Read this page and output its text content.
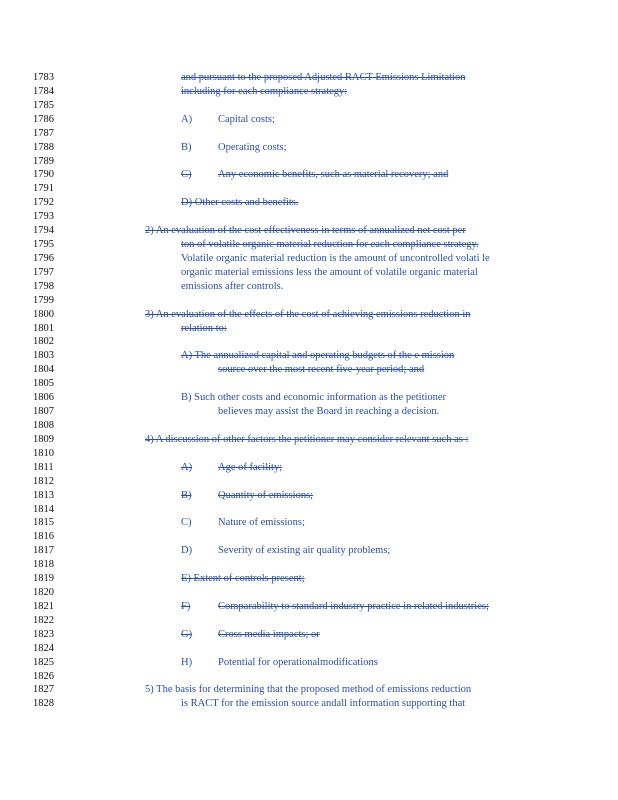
1783	and pursuant to the proposed Adjusted RACT Emissions Limitation
1784	including for each compliance strategy:
1785
1786	A) Capital costs;
1787
1788	B)	Operating costs;
1789
1790	C)	Any economic benefits, such as material recovery; and
1791
1792	D) Other costs and benefits.
1793
1794	2) An evaluation of the cost effectiveness in terms of annualized net cost per
1795	ton of volatile organic material reduction for each compliance strategy.
1796	Volatile organic material reduction is the amount of uncontrolled volati le
1797	organic material emissions less the amount of volatile organic material
1798	emissions after controls.
1799
1800	3) An evaluation of the effects of the cost of achieving emissions reduction in
1801	relation to:
1802
1803	A) The annualized capital and operating budgets of the e mission
1804	source over the most recent five-year period; and
1805
1806	B) Such other costs and economic information as the petitioner
1807	believes may assist the Board in reaching a decision.
1808
1809	4) A discussion of other factors the petitioner may consider relevant such as :
1810
1811	A) Age of facility;
1812
1813	B)	Quantity of emissions;
1814
1815	C)	Nature of emissions;
1816
1817	D) Severity of existing air quality problems;
1818
1819	E) Extent of controls present;
1820
1821	F)	Comparability to standard industry practice in related industries;
1822
1823	G) Cross media impacts; or
1824
1825	H) Potential for operationalmodifications
1826
1827	5) The basis for determining that the proposed method of emissions reduction
1828	is RACT for the emission source andall information supporting that
